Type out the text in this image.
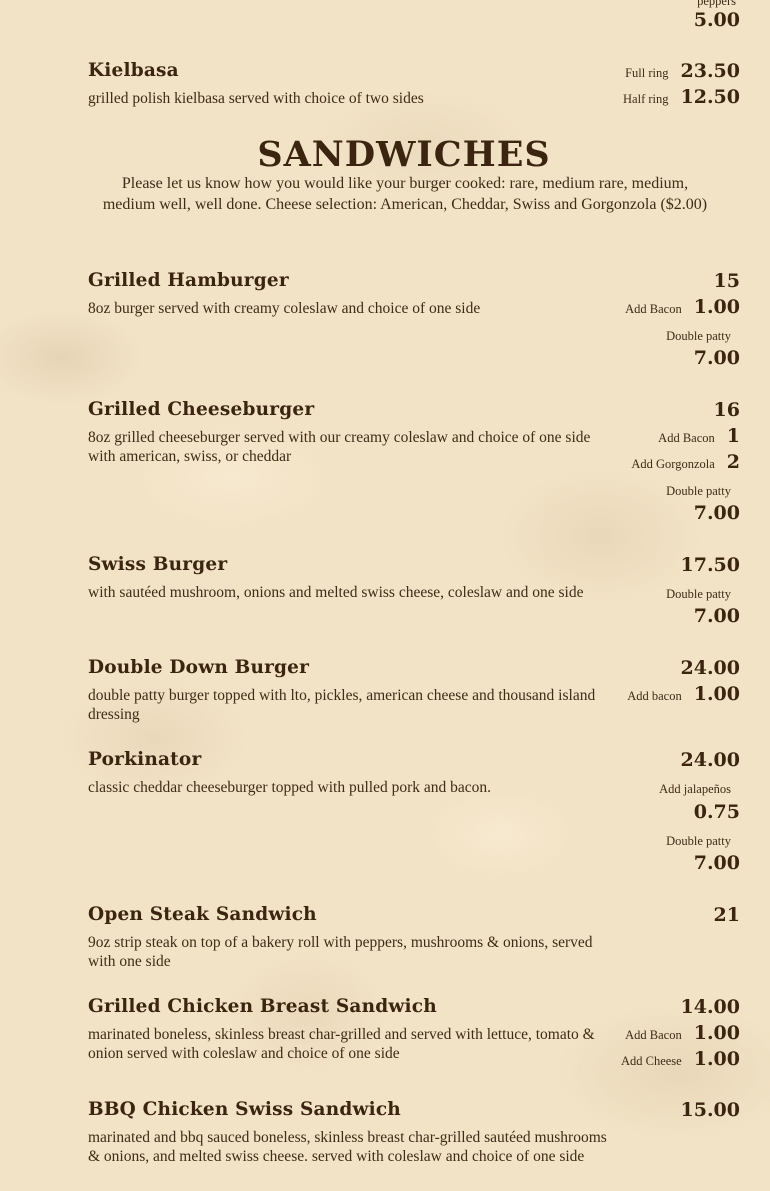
peppers
5.00
Kielbasa
grilled polish kielbasa served with choice of two sides
Full ring 23.50
Half ring 12.50
SANDWICHES
Please let us know how you would like your burger cooked: rare, medium rare, medium, medium well, well done. Cheese selection: American, Cheddar, Swiss and Gorgonzola ($2.00)
Grilled Hamburger	15
8oz burger served with creamy coleslaw and choice of one side	Add Bacon 1.00
Double patty
7.00
Grilled Cheeseburger	16
8oz grilled cheeseburger served with our creamy coleslaw and choice of one side with american, swiss, or cheddar
Add Bacon 1
Add Gorgonzola 2
Double patty
7.00
Swiss Burger	17.50
with sautéed mushroom, onions and melted swiss cheese, coleslaw and one side	Double patty
7.00
Double Down Burger	24.00
double patty burger topped with lto, pickles, american cheese and thousand island dressing
Add bacon 1.00
Porkinator	24.00
classic cheddar cheeseburger topped with pulled pork and bacon.	Add jalapeños
0.75
Double patty
7.00
Open Steak Sandwich	21
9oz strip steak on top of a bakery roll with peppers, mushrooms & onions, served with one side
Grilled Chicken Breast Sandwich	14.00
marinated boneless, skinless breast char-grilled and served with lettuce, tomato & onion served with coleslaw and choice of one side
Add Bacon 1.00
Add Cheese 1.00
BBQ Chicken Swiss Sandwich	15.00
marinated and bbq sauced boneless, skinless breast char-grilled sautéed mushrooms & onions, and melted swiss cheese. served with coleslaw and choice of one side
